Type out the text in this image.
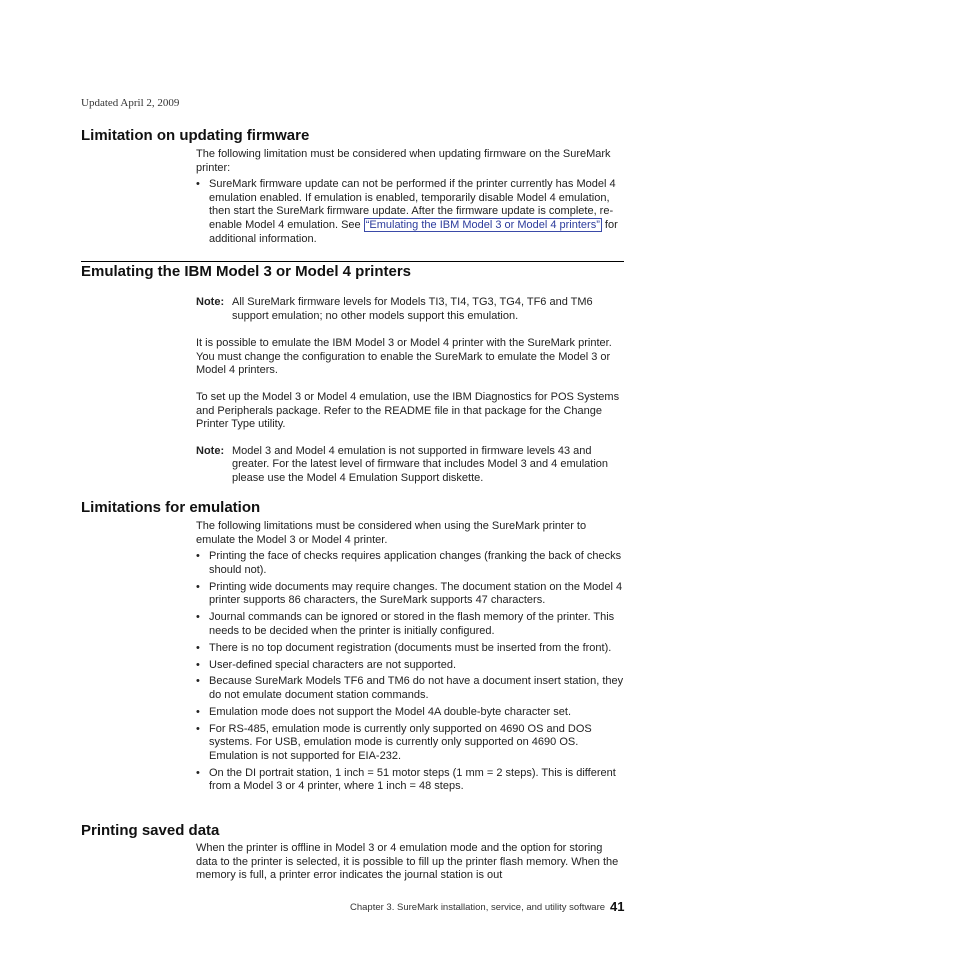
Updated April 2, 2009
Limitation on updating firmware

The following limitation must be considered when updating firmware on the SureMark printer:

• SureMark firmware update can not be performed if the printer currently has Model 4 emulation enabled. If emulation is enabled, temporarily disable Model 4 emulation, then start the SureMark firmware update. After the firmware update is complete, re-enable Model 4 emulation. See “Emulating the IBM Model 3 or Model 4 printers” for additional information.
Emulating the IBM Model 3 or Model 4 printers
Note: All SureMark firmware levels for Models TI3, TI4, TG3, TG4, TF6 and TM6 support emulation; no other models support this emulation.

It is possible to emulate the IBM Model 3 or Model 4 printer with the SureMark printer. You must change the configuration to enable the SureMark to emulate the Model 3 or Model 4 printers.

To set up the Model 3 or Model 4 emulation, use the IBM Diagnostics for POS Systems and Peripherals package. Refer to the README file in that package for the Change Printer Type utility.

Note: Model 3 and Model 4 emulation is not supported in firmware levels 43 and greater. For the latest level of firmware that includes Model 3 and 4 emulation please use the Model 4 Emulation Support diskette.
Limitations for emulation

The following limitations must be considered when using the SureMark printer to emulate the Model 3 or Model 4 printer.

• Printing the face of checks requires application changes (franking the back of checks should not).
• Printing wide documents may require changes. The document station on the Model 4 printer supports 86 characters, the SureMark supports 47 characters.
• Journal commands can be ignored or stored in the flash memory of the printer. This needs to be decided when the printer is initially configured.
• There is no top document registration (documents must be inserted from the front).
• User-defined special characters are not supported.
• Because SureMark Models TF6 and TM6 do not have a document insert station, they do not emulate document station commands.
• Emulation mode does not support the Model 4A double-byte character set.
• For RS-485, emulation mode is currently only supported on 4690 OS and DOS systems. For USB, emulation mode is currently only supported on 4690 OS. Emulation is not supported for EIA-232.
• On the DI portrait station, 1 inch = 51 motor steps (1 mm = 2 steps). This is different from a Model 3 or 4 printer, where 1 inch = 48 steps.
Printing saved data

When the printer is offline in Model 3 or 4 emulation mode and the option for storing data to the printer is selected, it is possible to fill up the printer flash memory. When the memory is full, a printer error indicates the journal station is out

Chapter 3. SureMark installation, service, and utility software 41
